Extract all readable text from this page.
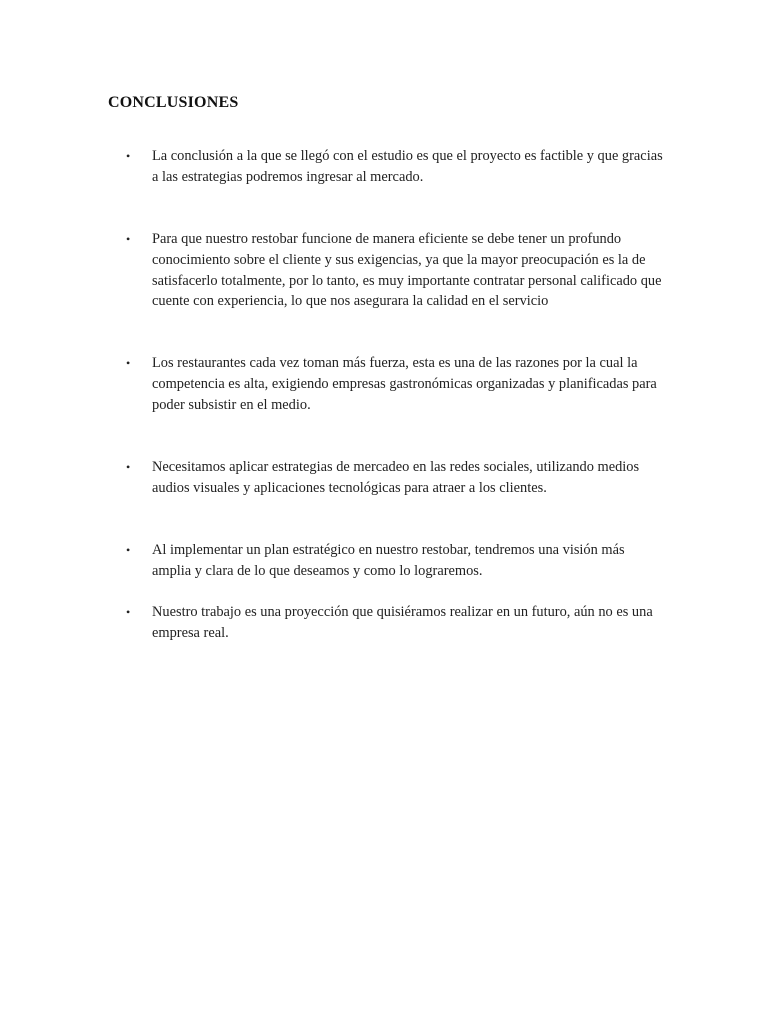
CONCLUSIONES
•	La conclusión a la que se llegó con el estudio es que el proyecto es factible y que gracias a las estrategias podremos ingresar al mercado.
•	Para que nuestro restobar funcione de manera eficiente se debe tener un profundo conocimiento sobre el cliente y sus exigencias, ya que la mayor preocupación es la de satisfacerlo totalmente, por lo tanto, es muy importante contratar personal calificado que cuente con experiencia, lo que nos asegurara la calidad en el servicio
•	Los restaurantes cada vez toman más fuerza, esta es una de las razones por la cual la competencia es alta, exigiendo empresas gastronómicas organizadas y planificadas para poder subsistir en el medio.
•	Necesitamos aplicar estrategias de mercadeo en las redes sociales, utilizando medios audios visuales y aplicaciones tecnológicas para atraer a los clientes.
•	Al implementar un plan estratégico en nuestro restobar, tendremos una visión más amplia y clara de lo que deseamos y como lo lograremos.
•	Nuestro trabajo es una proyección que quisiéramos realizar en un futuro, aún no es una empresa real.
